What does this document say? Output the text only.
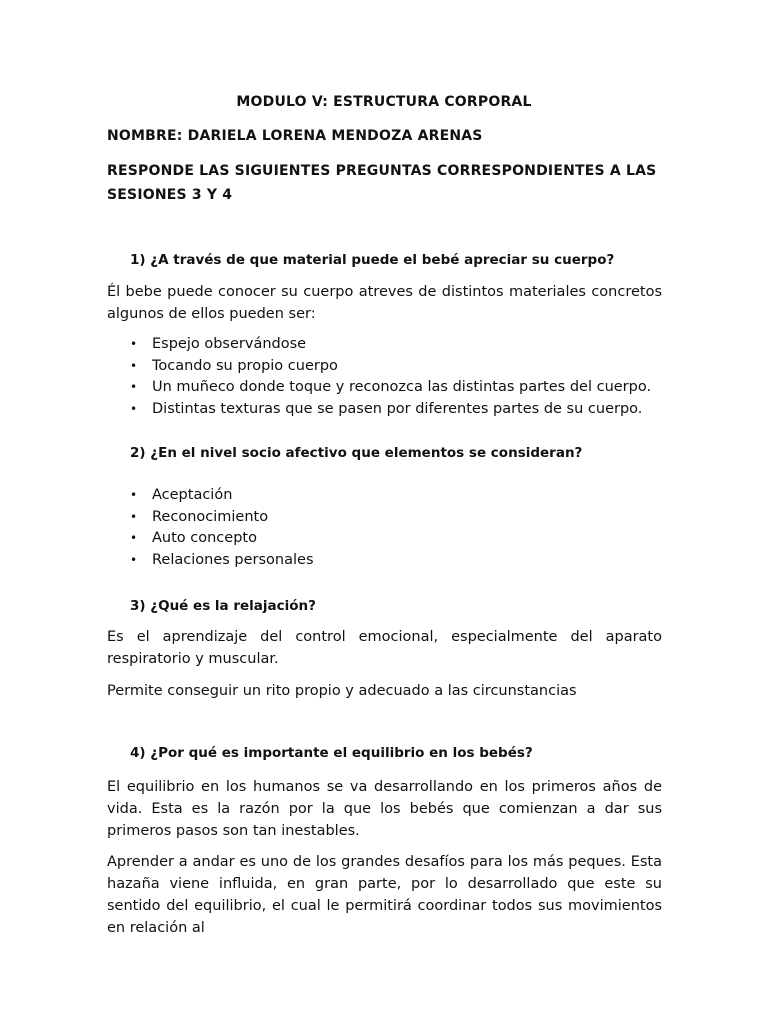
MODULO V: ESTRUCTURA CORPORAL
NOMBRE: DARIELA LORENA MENDOZA ARENAS
RESPONDE LAS SIGUIENTES PREGUNTAS CORRESPONDIENTES A LAS SESIONES 3 Y 4
1) ¿A través de que material puede el bebé apreciar su cuerpo?
Él bebe puede conocer su cuerpo atreves de distintos materiales concretos algunos de ellos pueden ser:
• Espejo observándose
• Tocando su propio cuerpo
• Un muñeco donde toque y reconozca las distintas partes del cuerpo.
• Distintas texturas que se pasen por diferentes partes de su cuerpo.
2) ¿En el nivel socio afectivo que elementos se consideran?
• Aceptación
• Reconocimiento
• Auto concepto
• Relaciones personales
3) ¿Qué es la relajación?
Es el aprendizaje del control emocional, especialmente del aparato respiratorio y muscular.
Permite conseguir un rito propio y adecuado a las circunstancias
4) ¿Por qué es importante el equilibrio en los bebés?
El equilibrio en los humanos se va desarrollando en los primeros años de vida. Esta es la razón por la que los bebés que comienzan a dar sus primeros pasos son tan inestables.
Aprender a andar es uno de los grandes desafíos para los más peques. Esta hazaña viene influida, en gran parte, por lo desarrollado que este su sentido del equilibrio, el cual le permitirá coordinar todos sus movimientos en relación al
